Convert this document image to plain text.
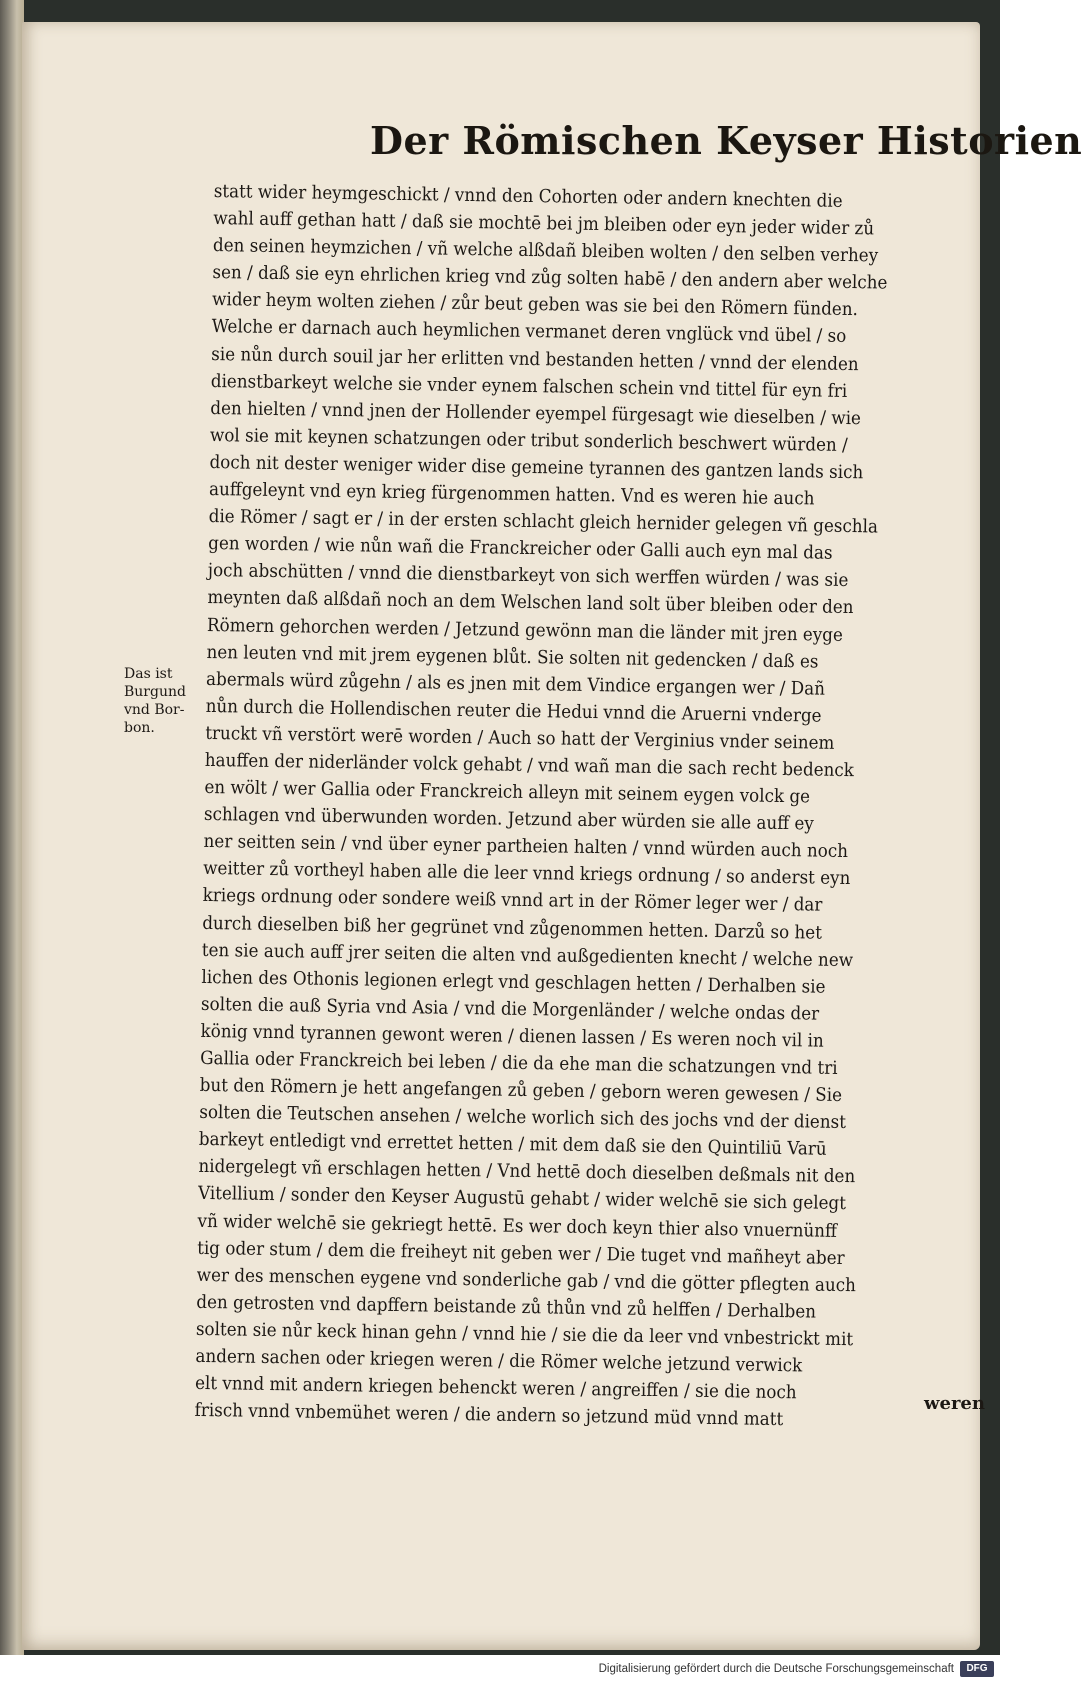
Der Römischen Keyser Historien
Das ist
Burgund
vnd Bor-
bon.
statt wider heymgeschickt / vnnd den Cohorten oder andern knechten die
wahl auff gethan hatt / daß sie mochtē bei jm bleiben oder eyn jeder wider zů
den seinen heymzichen / vñ welche alßdañ bleiben wolten / den selben verhey
sen / daß sie eyn ehrlichen krieg vnd zůg solten habē / den andern aber welche
wider heym wolten ziehen / zůr beut geben was sie bei den Römern fünden.
Welche er darnach auch heymlichen vermanet deren vnglück vnd übel / so
sie nůn durch souil jar her erlitten vnd bestanden hetten / vnnd der elenden
dienstbarkeyt welche sie vnder eynem falschen schein vnd tittel für eyn fri
den hielten / vnnd jnen der Hollender eyempel fürgesagt wie dieselben / wie
wol sie mit keynen schatzungen oder tribut sonderlich beschwert würden /
doch nit dester weniger wider dise gemeine tyrannen des gantzen lands sich
auffgeleynt vnd eyn krieg fürgenommen hatten. Vnd es weren hie auch
die Römer / sagt er / in der ersten schlacht gleich hernider gelegen vñ geschla
gen worden / wie nůn wañ die Franckreicher oder Galli auch eyn mal das
joch abschütten / vnnd die dienstbarkeyt von sich werffen würden / was sie
meynten daß alßdañ noch an dem Welschen land solt über bleiben oder den
Römern gehorchen werden / Jetzund gewönn man die länder mit jren eyge
nen leuten vnd mit jrem eygenen blůt. Sie solten nit gedencken / daß es
abermals würd zůgehn / als es jnen mit dem Vindice ergangen wer / Dañ
nůn durch die Hollendischen reuter die Hedui vnnd die Aruerni vnderge
truckt vñ verstört werē worden / Auch so hatt der Verginius vnder seinem
hauffen der niderländer volck gehabt / vnd wañ man die sach recht bedenck
en wölt / wer Gallia oder Franckreich alleyn mit seinem eygen volck ge
schlagen vnd überwunden worden. Jetzund aber würden sie alle auff ey
ner seitten sein / vnd über eyner partheien halten / vnnd würden auch noch
weitter zů vortheyl haben alle die leer vnnd kriegs ordnung / so anderst eyn
kriegs ordnung oder sondere weiß vnnd art in der Römer leger wer / dar
durch dieselben biß her gegrünet vnd zůgenommen hetten. Darzů so het
ten sie auch auff jrer seiten die alten vnd außgedienten knecht / welche new
lichen des Othonis legionen erlegt vnd geschlagen hetten / Derhalben sie
solten die auß Syria vnd Asia / vnd die Morgenländer / welche ondas der
könig vnnd tyrannen gewont weren / dienen lassen / Es weren noch vil in
Gallia oder Franckreich bei leben / die da ehe man die schatzungen vnd tri
but den Römern je hett angefangen zů geben / geborn weren gewesen / Sie
solten die Teutschen ansehen / welche worlich sich des jochs vnd der dienst
barkeyt entledigt vnd errettet hetten / mit dem daß sie den Quintiliū Varū
nidergelegt vñ erschlagen hetten / Vnd hettē doch dieselben deßmals nit den
Vitellium / sonder den Keyser Augustū gehabt / wider welchē sie sich gelegt
vñ wider welchē sie gekriegt hettē. Es wer doch keyn thier also vnuernünff
tig oder stum / dem die freiheyt nit geben wer / Die tuget vnd mañheyt aber
wer des menschen eygene vnd sonderliche gab / vnd die götter pflegten auch
den getrosten vnd dapffern beistande zů thůn vnd zů helffen / Derhalben
solten sie nůr keck hinan gehn / vnnd hie / sie die da leer vnd vnbestrickt mit
andern sachen oder kriegen weren / die Römer welche jetzund verwick
elt vnnd mit andern kriegen behenckt weren / angreiffen / sie die noch
frisch vnnd vnbemühet weren / die andern so jetzund müd vnnd matt	weren
Digitalisierung gefördert durch die Deutsche Forschungsgemeinschaft	DFG
